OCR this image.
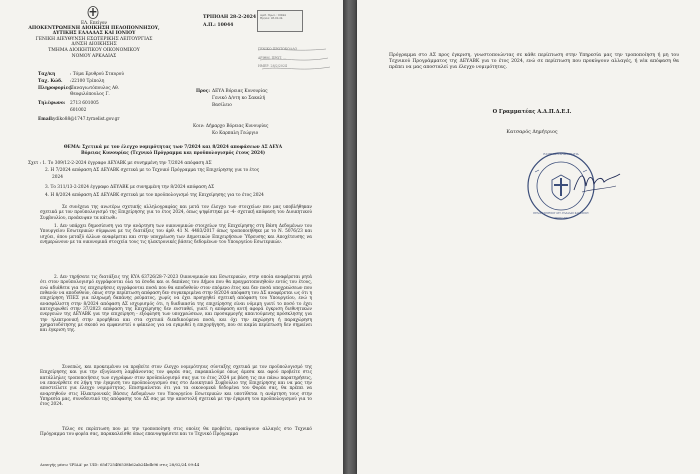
ΕΛ. Επείγον
ΑΠΟΚΕΝΤΡΩΜΕΝΗ ΔΙΟΙΚΗΣΗ ΠΕΛΟΠΟΝΝΗΣΟΥ,
ΔΥΤΙΚΗΣ ΕΛΛΑΔΑΣ ΚΑΙ ΙΟΝΙΟΥ
ΓΕΝΙΚΗ ΔΙΕΥΘΥΝΣΗ ΕΣΩΤΕΡΙΚΗΣ ΛΕΙΤΟΥΡΓΙΑΣ
Δ/ΝΣΗ ΔΙΟΙΚΗΣΗΣ
ΤΜΗΜΑ ΔΙΟΙΚΗΤΙΚΟΥ ΟΙΚΟΝΟΜΙΚΟΥ
ΝΟΜΟΥ ΑΡΚΑΔΙΑΣ
ΤΡΙΠΟΛΗ 28-2-2024
Α.Π.: 10044
Αριθ. Πρωτ.: 10044
Ημ/νια: 28-02-24
ΓΕΝΙΚΟ ΠΡΩΤΟΚΟΛΛΟ
ΑΡΙΘΜ. ΠΡΩΤ. ...
ΗΜΕΡ. 28/2/2024
Ταχ/κη	: Τόμα Ερυθρού Σταυρού
Ταχ. Κώδ. :22100 Τρίπολη
Πληροφορίες:
Παναγιωτόπουλος Αθ.
Θεοφιλόπουλος Γ.
Τηλέφωνο: 2713 601005
601002
Email: ydiko88@1747.tyrxelist.gov.gr
Προς: ΔΕΥΑ Βόρειας Κυνουρίας
Γενικό Δ/ντη κο Σακαλή
Βασίλειο
Κοιν: Δήμαρχο Βόρειας Κυνουρίας
Κο Καρπαλη Γεώργιο
ΘΕΜΑ: Σχετικά με τον έλεγχο νομιμότητας των 7/2024 και 8/2024 αποφάσεων ΔΣ ΔΕΥΑ
Βόρειας Κυνουρίας (Τεχνικό Πρόγραμμα και προϋπολογισμός έτους 2024)
Σχετ : 1. Το 309/12-2-2024 έγγραφο ΔΕΥΑΒΚ με συνημμένη την 7/2024 απόφαση ΔΣ
2. Η 7/2024 απόφαση ΔΣ ΔΕΥΑΒΚ σχετικά με το Τεχνικό Πρόγραμμα της Επιχείρησης για το έτος
2024
3. Το 311/13-2-2024 έγγραφο ΔΕΥΑΒΚ με συνημμένη την 8/2024 απόφαση ΔΣ
4. Η 8/2024 απόφαση ΔΣ ΔΕΥΑΒΚ σχετικά με τον προϋπολογισμό της Επιχείρησης για το έτος 2024
Σε συνέχεια της ανωτέρω σχετικής αλληλογραφίας και μετά τον έλεγχο των στοιχείων που μας υποβλήθηκαν σχετικά με τον προϋπολογισμό της Επιχείρησης για το έτος 2024, όπως ψηφίστηκε με -4- σχετική απόφαση του Διοικητικού Συμβουλίου, προέκυψαν τα κάτωθι:
1. Δεν υπάρχει δημοσίευση για την ανάρτηση των οικονομικών στοιχείων της Επιχείρησης στη Βάση Δεδομένων του Υπουργείου Εσωτερικών σύμφωνα με τις διατάξεις του άρθ. 41 Ν. 4483/2017 όπως τροποποιήθηκε με το Ν. 5076/23 και ισχύει, όπου μεταξύ άλλων αναφέρεται και στην υποχρέωση των Δημοτικών Επιχειρήσεων Ύδρευσης και Αποχέτευσης να ενημερώνουν με τα οικονομικά στοιχεία τους τις ηλεκτρονικές βάσεις δεδομένων του Υπουργείου Εσωτερικών.
2. Δεν τηρήσατε τις διατάξεις της ΚΥΑ 63726/28-7-2023 Οικονομικών και Εσωτερικών, στην οποία αναφέρεται ρητά ότι στον προϋπολογισμό εγγράφονται όλα τα έσοδα και οι δαπάνες του Δήμου που θα πραγματοποιηθούν εντός του έτους, ενώ αδιάθετα για τις επιχειρήσεις εγγράφονται ποσά που θα αποδοθούν στον επόμενο έτος και δεν ποσά υποχρεώσεων που πιθανόν να αποδοθούν, όπως στην περίπτωση απόφαση δεν συγκεκριμένα στην 8/2024 απόφαση του ΔΣ αναφέρεται ως ότι η επιχείρηση ΥΠΕΣ για πληρωμή δαπάνης ρεύματος, χωρίς να έχει προηγηθεί σχετική απόφαση του Υπουργείου, ενώ η ανασφάλιστη στην 8/2024 απόφαση ΔΣ ισχυρισμός ότι, η διαδικασία της επιχείρησης είναι νόμιμη γιατί το ποσό το έχει κατοχυρωθεί στην 37/2023 απόφαση της Επιχείρησης δεν ευσταθεί, γιατί η απόφαση αυτή αφορά έγκριση διεθνητικών ενεργειών της ΔΕΥΑΒΚ για την επιχείρηση - εξόφληση των υποχρεώσεων, και προσαρμογής απαιτούμενης πρόσκλησης για την ηλεκτρονική στην προμήθεια και στα σχετικά διεκδικούμενα ποσά, και όχι την εκχώρηση ή παραχώρηση χρηματοδότησης με σκοπό να εμφανιστεί ο φάκελος για να εγκριθεί η επιχορήγηση, που σε καμία περίπτωση δεν σημαίνει και έγκριση της.
Συνεπώς, και προκειμένου να προβείτε στον έλεγχο νομιμότητας σύνταξης σχετικά με τον προϋπολογισμό της Επιχείρησης και για την εξυγίανση λαμβάνοντας τον φορέα σας, παρακαλούμε όπως άμεσα και αφού προβείτε στις κατάλληλες τροποποιήσεις των εγγράφων στον προϋπολογισμό σας για το έτος 2024 με βάση τις πιο πάνω παρατηρήσεις, να επανέρθετε σε λήψη την έγκριση του προϋπολογισμού σας στο Διοικητικό Συμβούλιο της Επιχείρησης και να μας την αποστείλετε για έλεγχο νομιμότητας. Επισημαίνεται ότι για τα οικονομικά δεδομένα του Φορέα σας, θα πρέπει να αναρτηθούν στις Ηλεκτρονικές Βάσεις Δεδομένων του Υπουργείου Εσωτερικών και υποτίθεται η ανάρτηση τους στην Υπηρεσία μας, συνοδευτικό της απόφασης του ΔΣ σας με την αποστολή σχετικά με την έγκριση του προϋπολογισμού για το έτος 2024.
Τέλος σε περίπτωση που με την τροποποίηση στις οποίες θα προβείτε, προκύψουν αλλαγές στο Τεχνικό Πρόγραμμα του φορέα σας, παρακαλείσθε όπως επανυψηφίσετε και το Τεχνικό Πρόγραμμα
Διαυγής μέσω 'ΙΡΙΔΑ' με UID: 65d7254f6538b62ab24bdb96 στις 28/02/24 09:44
Πρόγραμμα στο ΔΣ προς έγκριση, γνωστοποιώντας σε κάθε περίπτωση στην Υπηρεσία μας την τροποποίηση ή μη του Τεχνικού Προγράμματος της ΔΕΥΑΒΚ για το έτος 2024, ενώ σε περίπτωση που προκύψουν αλλαγές, ή νέα απόφαση θα πρέπει να μας αποσταλεί για έλεγχο νομιμότητας.
Ο Γραμματέας Α.Δ.Π.Δ.Ε.Ι.
Κατσαρός Δημήτριος
ΕΛΛΗΝΙΚΗ ΔΗΜΟΚΡΑΤΙΑ
ΠΕΛΟΠΟΝΝΗΣΟΥ ΔΥΤ. ΕΛΛΑΔΑΣ ΚΑΙ ΙΟΝΙΟΥ
ΤΡΙΠΟΛΗ
